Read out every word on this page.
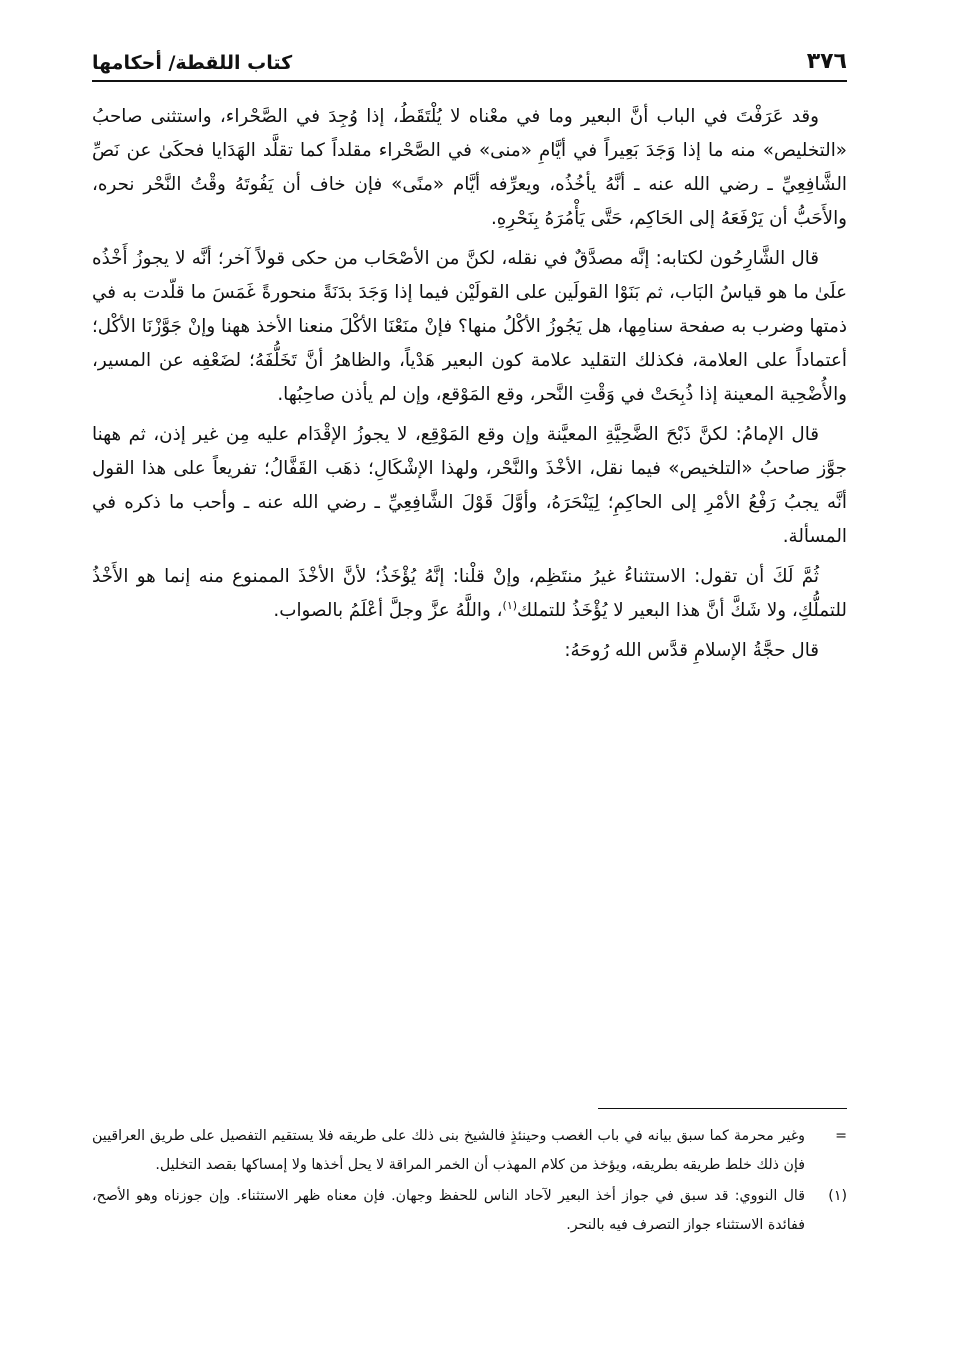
٣٧٦
كتاب اللقطة/ أحكامها

وقد عَرَفْتَ في الباب أنَّ البعير وما في معْناه لا يُلْتَقَطُ، إذا وُجِدَ في الصَّحْراء، واستثنى صاحبُ «التخليص» منه ما إذا وَجَدَ بَعِيراً في أيَّامِ «منى» في الصَّحْراء مقلداً كما تقلَّد الهَدَايا فحكَىٰ عن نَصِّ الشَّافِعِيِّ ـ رضي الله عنه ـ أنَّهُ يأخُذُه، ويعرِّفه أيَّام «منًى» فإن خاف أن يَفُوتَهُ وقْتُ النَّحْر نحره، والأَحَبُّ أن يَرْفَعَهُ إلى الحَاكِم، حَتَّى يَأْمُرَهُ بِنَحْرِهِ.

قال الشَّارِحُون لكتابه: إنَّه مصدَّقٌ في نقله، لكنَّ من الأصْحَاب من حكى قولاً آخر؛ أنَّه لا يجوزُ أَخْذُه علَىٰ ما هو قياسُ البَاب، ثم بَنَوْا القولَين على القولَيْن فيما إذا وَجَدَ بدَنَةً منحورةً غَمَسَ ما قلّدت به في ذمتها وضرب به صفحة سنامِها، هل يَجُوزُ الأكْلُ منها؟ فإنْ منَعْنَا الأكْلَ منعنا الأخذ ههنا وإنْ جَوَّزْنَا الأكْل؛ أعتماداً على العلامة، فكذلك التقليد علامة كون البعير هَدْياً، والظاهرُ أنَّ تَخَلُّفَهُ؛ لضَعْفِه عن المسير، والأُضْحِية المعينة إذا ذُبِحَتْ في وَقْتِ النَّحر، وقع المَوْقع، وإن لم يأذن صاحِبُها.

قال الإمامُ: لكنَّ ذَبْحَ الضَّحِيَّةِ المعيَّنة وإن وقع المَوْقِع، لا يجوزُ الإقْدَام عليه مِن غير إذن، ثم ههنا جوَّز صاحبُ «التلخيص» فيما نقل، الأخْذَ والنَّحْر، ولهذا الإشْكَالِ؛ ذهَب القَفَّالُ؛ تفريعاً على هذا القول أنَّه يجبُ رَفْعُ الأمْرِ إلى الحاكِمِ؛ لِيَنْحَرَهُ، وأوَّلَ قَوْلَ الشَّافِعِيِّ ـ رضي الله عنه ـ وأحب ما ذكره في المسألة.

ثُمَّ لَكَ أن تقول: الاستثناءُ غيرُ منتَظِم، وإنْ قلْنا: إنَّهُ يُؤْخَذُ؛ لأنَّ الأخْذَ الممنوع منه إنما هو الأَخْذُ للتملُّكِ، ولا شَكَّ أنَّ هذا البعير لا يُؤْخَذُ للتملك$^{(١)}$، واللَّهُ عزَّ وجلَّ أعْلَمُ بالصواب.

قال حجَّةُ الإسلامِ قدَّس الله رُوحَهُ:

=
وغير محرمة كما سبق بيانه في باب الغصب وحينئذٍ فالشيخ بنى ذلك على طريقه فلا يستقيم التفصيل على طريق العراقيين فإن ذلك خلط طريقه بطريقه، ويؤخذ من كلام المهذب أن الخمر المراقة لا يحل أخذها ولا إمساكها بقصد التخليل.
(١)
قال النووي: قد سبق في جواز أخذ البعير لآحاد الناس للحفظ وجهان. فإن معناه ظهر الاستثناء. وإن جوزناه وهو الأصح، ففائدة الاستثناء جواز التصرف فيه بالنحر.
